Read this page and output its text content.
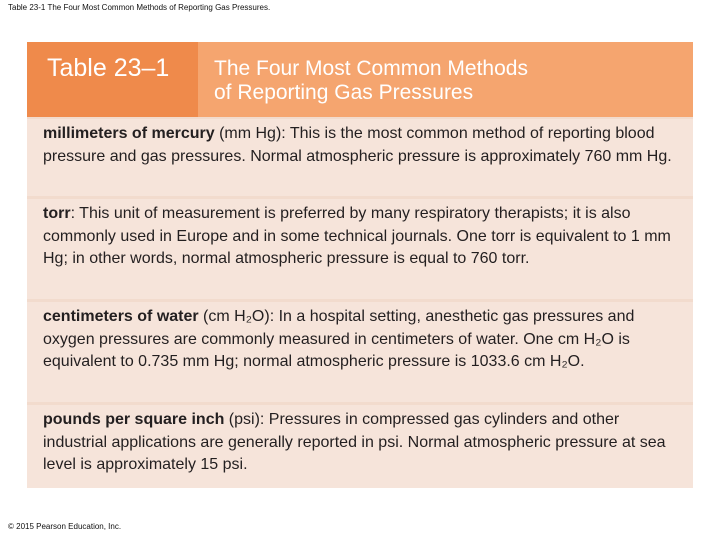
Table 23-1 The Four Most Common Methods of Reporting Gas Pressures.
Table 23–1	The Four Most Common Methods
of Reporting Gas Pressures
millimeters of mercury (mm Hg): This is the most common method of reporting blood pressure and gas pressures. Normal atmospheric pressure is approximately 760 mm Hg.
torr: This unit of measurement is preferred by many respiratory therapists; it is also commonly used in Europe and in some technical journals. One torr is equivalent to 1 mm Hg; in other words, normal atmospheric pressure is equal to 760 torr.
centimeters of water (cm H₂O): In a hospital setting, anesthetic gas pressures and oxygen pressures are commonly measured in centimeters of water. One cm H₂O is equivalent to 0.735 mm Hg; normal atmospheric pressure is 1033.6 cm H₂O.
pounds per square inch (psi): Pressures in compressed gas cylinders and other industrial applications are generally reported in psi. Normal atmospheric pressure at sea level is approximately 15 psi.
© 2015 Pearson Education, Inc.
